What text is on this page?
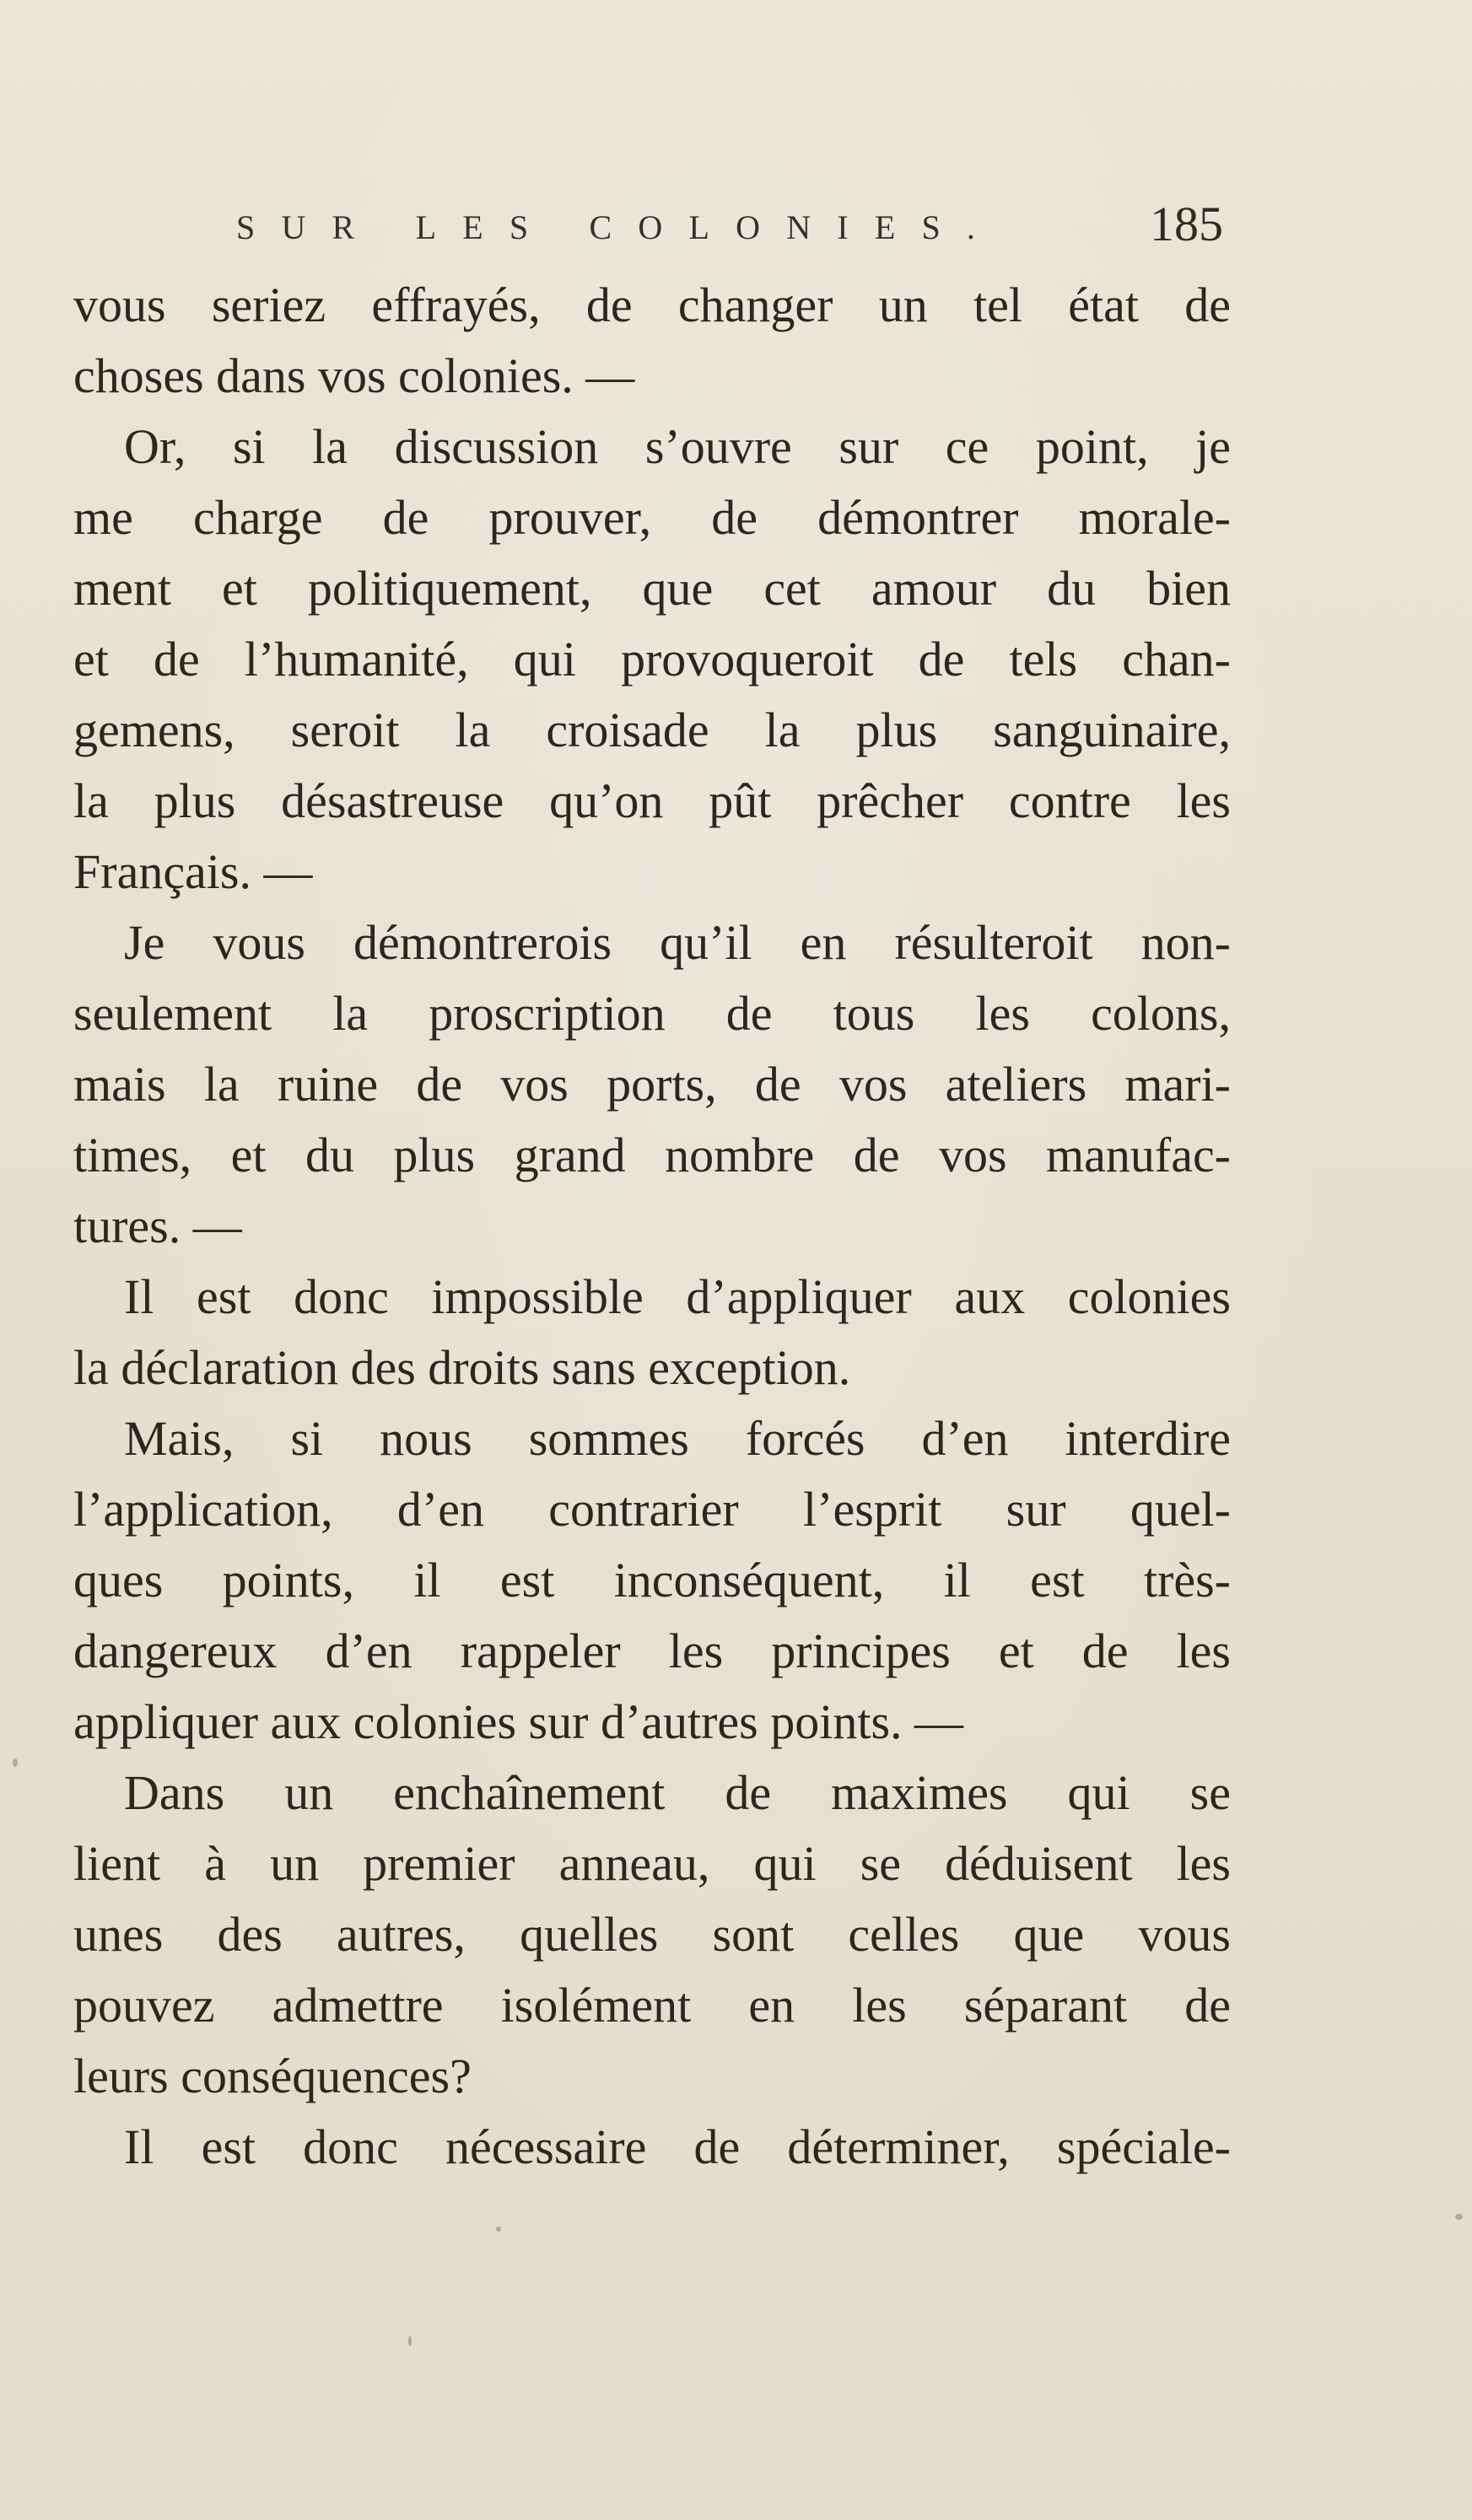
SUR LES COLONIES.	185
vous seriez effrayés, de changer un tel état de
choses dans vos colonies. —
Or, si la discussion s’ouvre sur ce point, je
me charge de prouver, de démontrer morale-
ment et politiquement, que cet amour du bien
et de l’humanité, qui provoqueroit de tels chan-
gemens, seroit la croisade la plus sanguinaire,
la plus désastreuse qu’on pût prêcher contre les
Français. —
Je vous démontrerois qu’il en résulteroit non-
seulement la proscription de tous les colons,
mais la ruine de vos ports, de vos ateliers mari-
times, et du plus grand nombre de vos manufac-
tures. —
Il est donc impossible d’appliquer aux colonies
la déclaration des droits sans exception.
Mais, si nous sommes forcés d’en interdire
l’application, d’en contrarier l’esprit sur quel-
ques points, il est inconséquent, il est très-
dangereux d’en rappeler les principes et de les
appliquer aux colonies sur d’autres points. —
Dans un enchaînement de maximes qui se
lient à un premier anneau, qui se déduisent les
unes des autres, quelles sont celles que vous
pouvez admettre isolément en les séparant de
leurs conséquences?
Il est donc nécessaire de déterminer, spéciale-
